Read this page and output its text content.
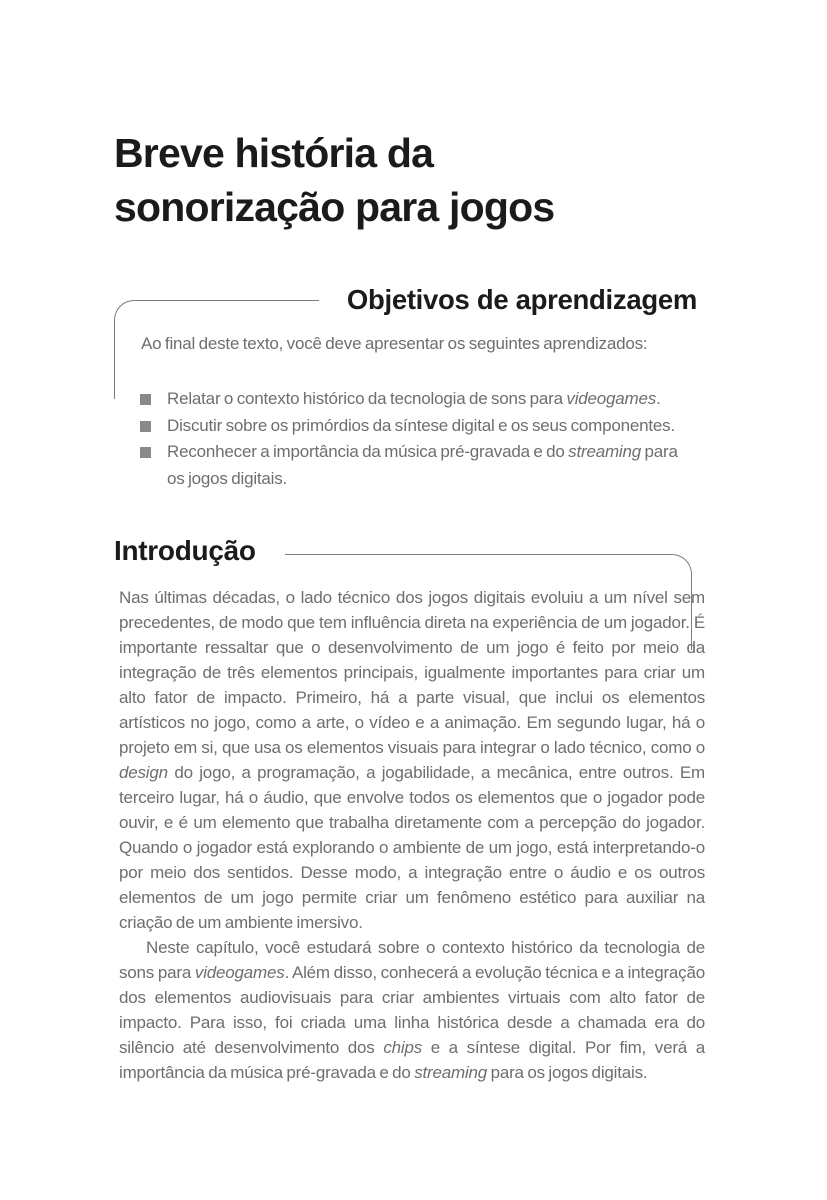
Breve história da
sonorização para jogos
Objetivos de aprendizagem

Ao final deste texto, você deve apresentar os seguintes aprendizados:

Relatar o contexto histórico da tecnologia de sons para videogames.
Discutir sobre os primórdios da síntese digital e os seus componentes.
Reconhecer a importância da música pré-gravada e do streaming para os jogos digitais.
Introdução

Nas últimas décadas, o lado técnico dos jogos digitais evoluiu a um nível sem precedentes, de modo que tem influência direta na experiência de um jogador. É importante ressaltar que o desenvolvimento de um jogo é feito por meio da integração de três elementos principais, igualmente importantes para criar um alto fator de impacto. Primeiro, há a parte visual, que inclui os elementos artísticos no jogo, como a arte, o vídeo e a animação. Em segundo lugar, há o projeto em si, que usa os elementos visuais para integrar o lado técnico, como o design do jogo, a programação, a jogabilidade, a mecânica, entre outros. Em terceiro lugar, há o áudio, que envolve todos os elementos que o jogador pode ouvir, e é um elemento que trabalha diretamente com a percepção do jogador. Quando o jogador está explorando o ambiente de um jogo, está interpretando-o por meio dos sentidos. Desse modo, a integração entre o áudio e os outros elementos de um jogo permite criar um fenômeno estético para auxiliar na criação de um ambiente imersivo.

Neste capítulo, você estudará sobre o contexto histórico da tecnologia de sons para videogames. Além disso, conhecerá a evolução técnica e a integração dos elementos audiovisuais para criar ambientes virtuais com alto fator de impacto. Para isso, foi criada uma linha histórica desde a chamada era do silêncio até desenvolvimento dos chips e a síntese digital. Por fim, verá a importância da música pré-gravada e do streaming para os jogos digitais.
